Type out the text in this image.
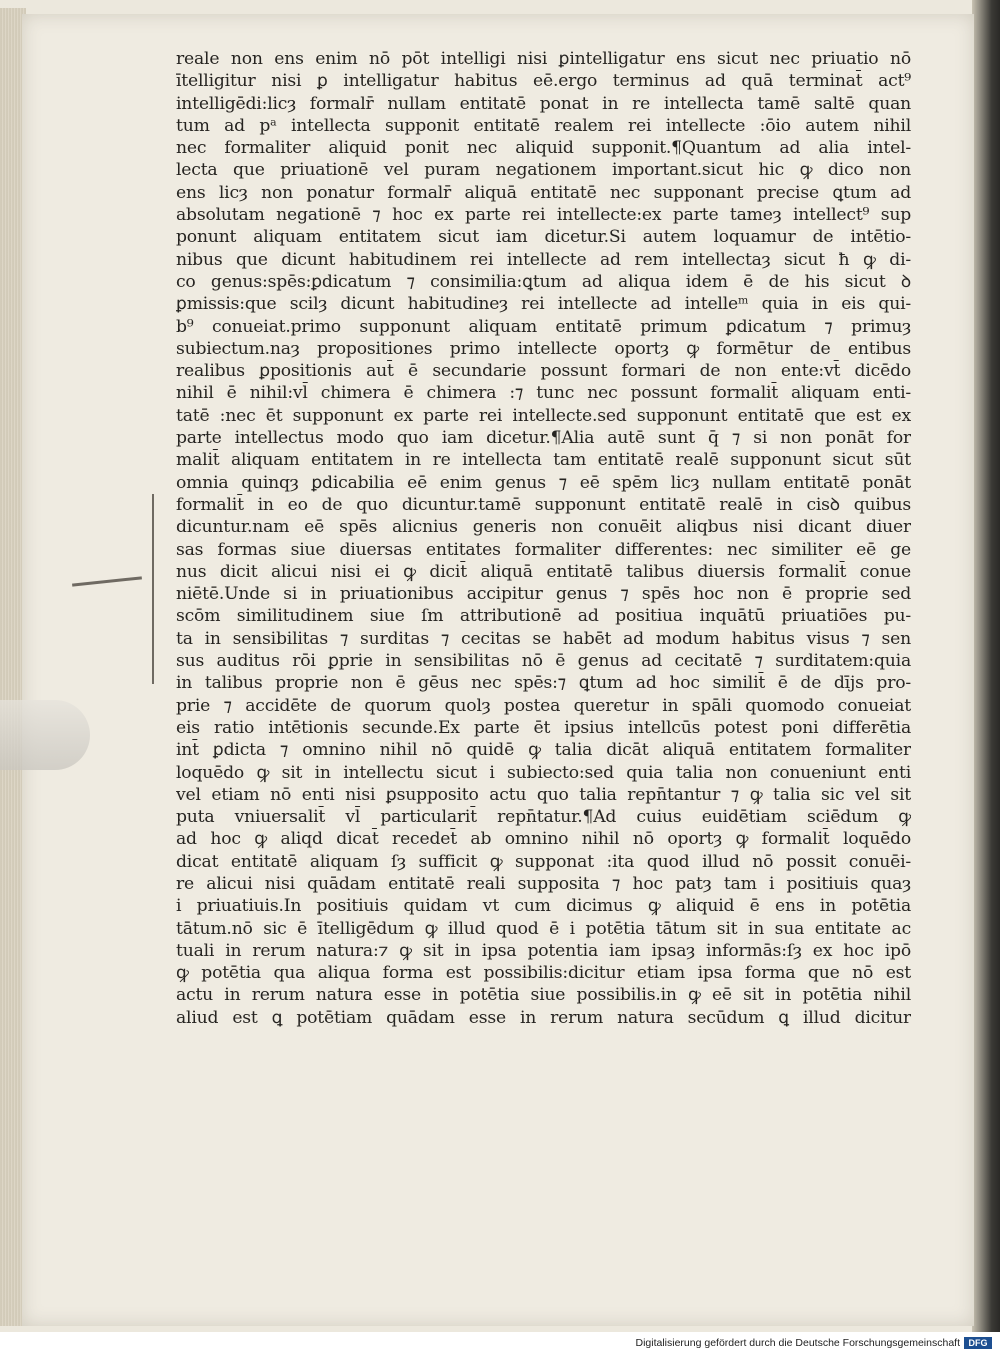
reale non ens enim nō pōt intelligi nisi ꝑintelligatur ens sicut nec priuatio nō
ītelligitur nisi ꝑ intelligatur habitus eē.ergo terminus ad quā terminat̄ act⁹
intelligēdi:licȝ formalr̄ nullam entitatē ponat in re intellecta tamē saltē quan
tum ad pᵃ intellecta supponit entitatē realem rei intellecte :ōio autem nihil
nec formaliter aliquid ponit nec aliquid supponit.¶Quantum ad alia intel-
lecta que priuationē vel puram negationem important.sicut hic ꝙ dico non
ens licȝ non ponatur formalr̄ aliquā entitatē nec supponant precise ꝗtum ad
absolutam negationē ⁊ hoc ex parte rei intellecte:ex parte tameȝ intellect⁹ sup
ponunt aliquam entitatem sicut iam dicetur.Si autem loquamur de intētio-
nibus que dicunt habitudinem rei intellecte ad rem intellectaȝ sicut ħ ꝙ di-
co genus:spēs:ꝑdicatum ⁊ consimilia:ꝗtum ad aliqua idem ē de his sicut ꝺ
ꝑmissis:que scilȝ dicunt habitudineȝ rei intellecte ad intelleᵐ quia in eis qui-
b⁹ conueiat.primo supponunt aliquam entitatē primum ꝑdicatum ⁊ primuȝ
subiectum.naȝ propositiones primo intellecte oportȝ ꝙ formētur de entibus
realibus ꝑpositionis aut̄ ē secundarie possunt formari de non ente:vt̄ dicēdo
nihil ē nihil:vl̄ chimera ē chimera :⁊ tunc nec possunt formalit̄ aliquam enti-
tatē :nec ēt supponunt ex parte rei intellecte.sed supponunt entitatē que est ex
parte intellectus modo quo iam dicetur.¶Alia autē sunt q̄ ⁊ si non ponāt for
malit̄ aliquam entitatem in re intellecta tam entitatē realē supponunt sicut sūt
omnia quinqȝ ꝑdicabilia eē enim genus ⁊ eē spēm licȝ nullam entitatē ponāt
formalit̄ in eo de quo dicuntur.tamē supponunt entitatē realē in cisꝺ quibus
dicuntur.nam eē spēs alicnius generis non conuēit aliqbus nisi dicant diuer
sas formas siue diuersas entitates formaliter differentes: nec similiter eē ge
nus dicit alicui nisi ei ꝙ dicit̄ aliquā entitatē talibus diuersis formalit̄ conue
niētē.Unde si in priuationibus accipitur genus ⁊ spēs hoc non ē proprie sed
scōm similitudinem siue ſm attributionē ad positiua inquātū priuatiōes pu-
ta in sensibilitas ⁊ surditas ⁊ cecitas se habēt ad modum habitus visus ⁊ sen
sus auditus rōi ꝑprie in sensibilitas nō ē genus ad cecitatē ⁊ surditatem:quia
in talibus proprie non ē gēus nec spēs:⁊ ꝗtum ad hoc similit̄ ē de dījs pro-
prie ⁊ accidēte de quorum quolȝ postea queretur in spāli quomodo conueiat
eis ratio intētionis secunde.Ex parte ēt ipsius intellcūs potest poni differētia
int̄ ꝑdicta ⁊ omnino nihil nō quidē ꝙ talia dicāt aliquā entitatem formaliter
loquēdo ꝙ sit in intellectu sicut i subiecto:sed quia talia non conueniunt enti
vel etiam nō enti nisi ꝑsupposito actu quo talia repn̄tantur ⁊ ꝙ talia sic vel sit
puta vniuersalit̄ vl̄ particularit̄ repn̄tatur.¶Ad cuius euidētiam sciēdum ꝙ
ad hoc ꝙ aliqd dicat̄ recedet̄ ab omnino nihil nō oportȝ ꝙ formalit̄ loquēdo
dicat entitatē aliquam ſȝ sufficit ꝙ supponat :ita quod illud nō possit conuēi-
re alicui nisi quādam entitatē reali supposita ⁊ hoc patȝ tam i positiuis quaȝ
i priuatiuis.In positiuis quidam vt cum dicimus ꝙ aliquid ē ens in potētia
tātum.nō sic ē ītelligēdum ꝙ illud quod ē i potētia tātum sit in sua entitate ac
tuali in rerum natura:⁊ ꝙ sit in ipsa potentia iam ipsaȝ informās:ſȝ ex hoc ipō
ꝙ potētia qua aliqua forma est possibilis:dicitur etiam ipsa forma que nō est
actu in rerum natura esse in potētia siue possibilis.in ꝙ eē sit in potētia nihil
aliud est ꝗ potētiam quādam esse in rerum natura secūdum ꝗ illud dicitur
Digitalisierung gefördert durch die Deutsche Forschungsgemeinschaft DFG
